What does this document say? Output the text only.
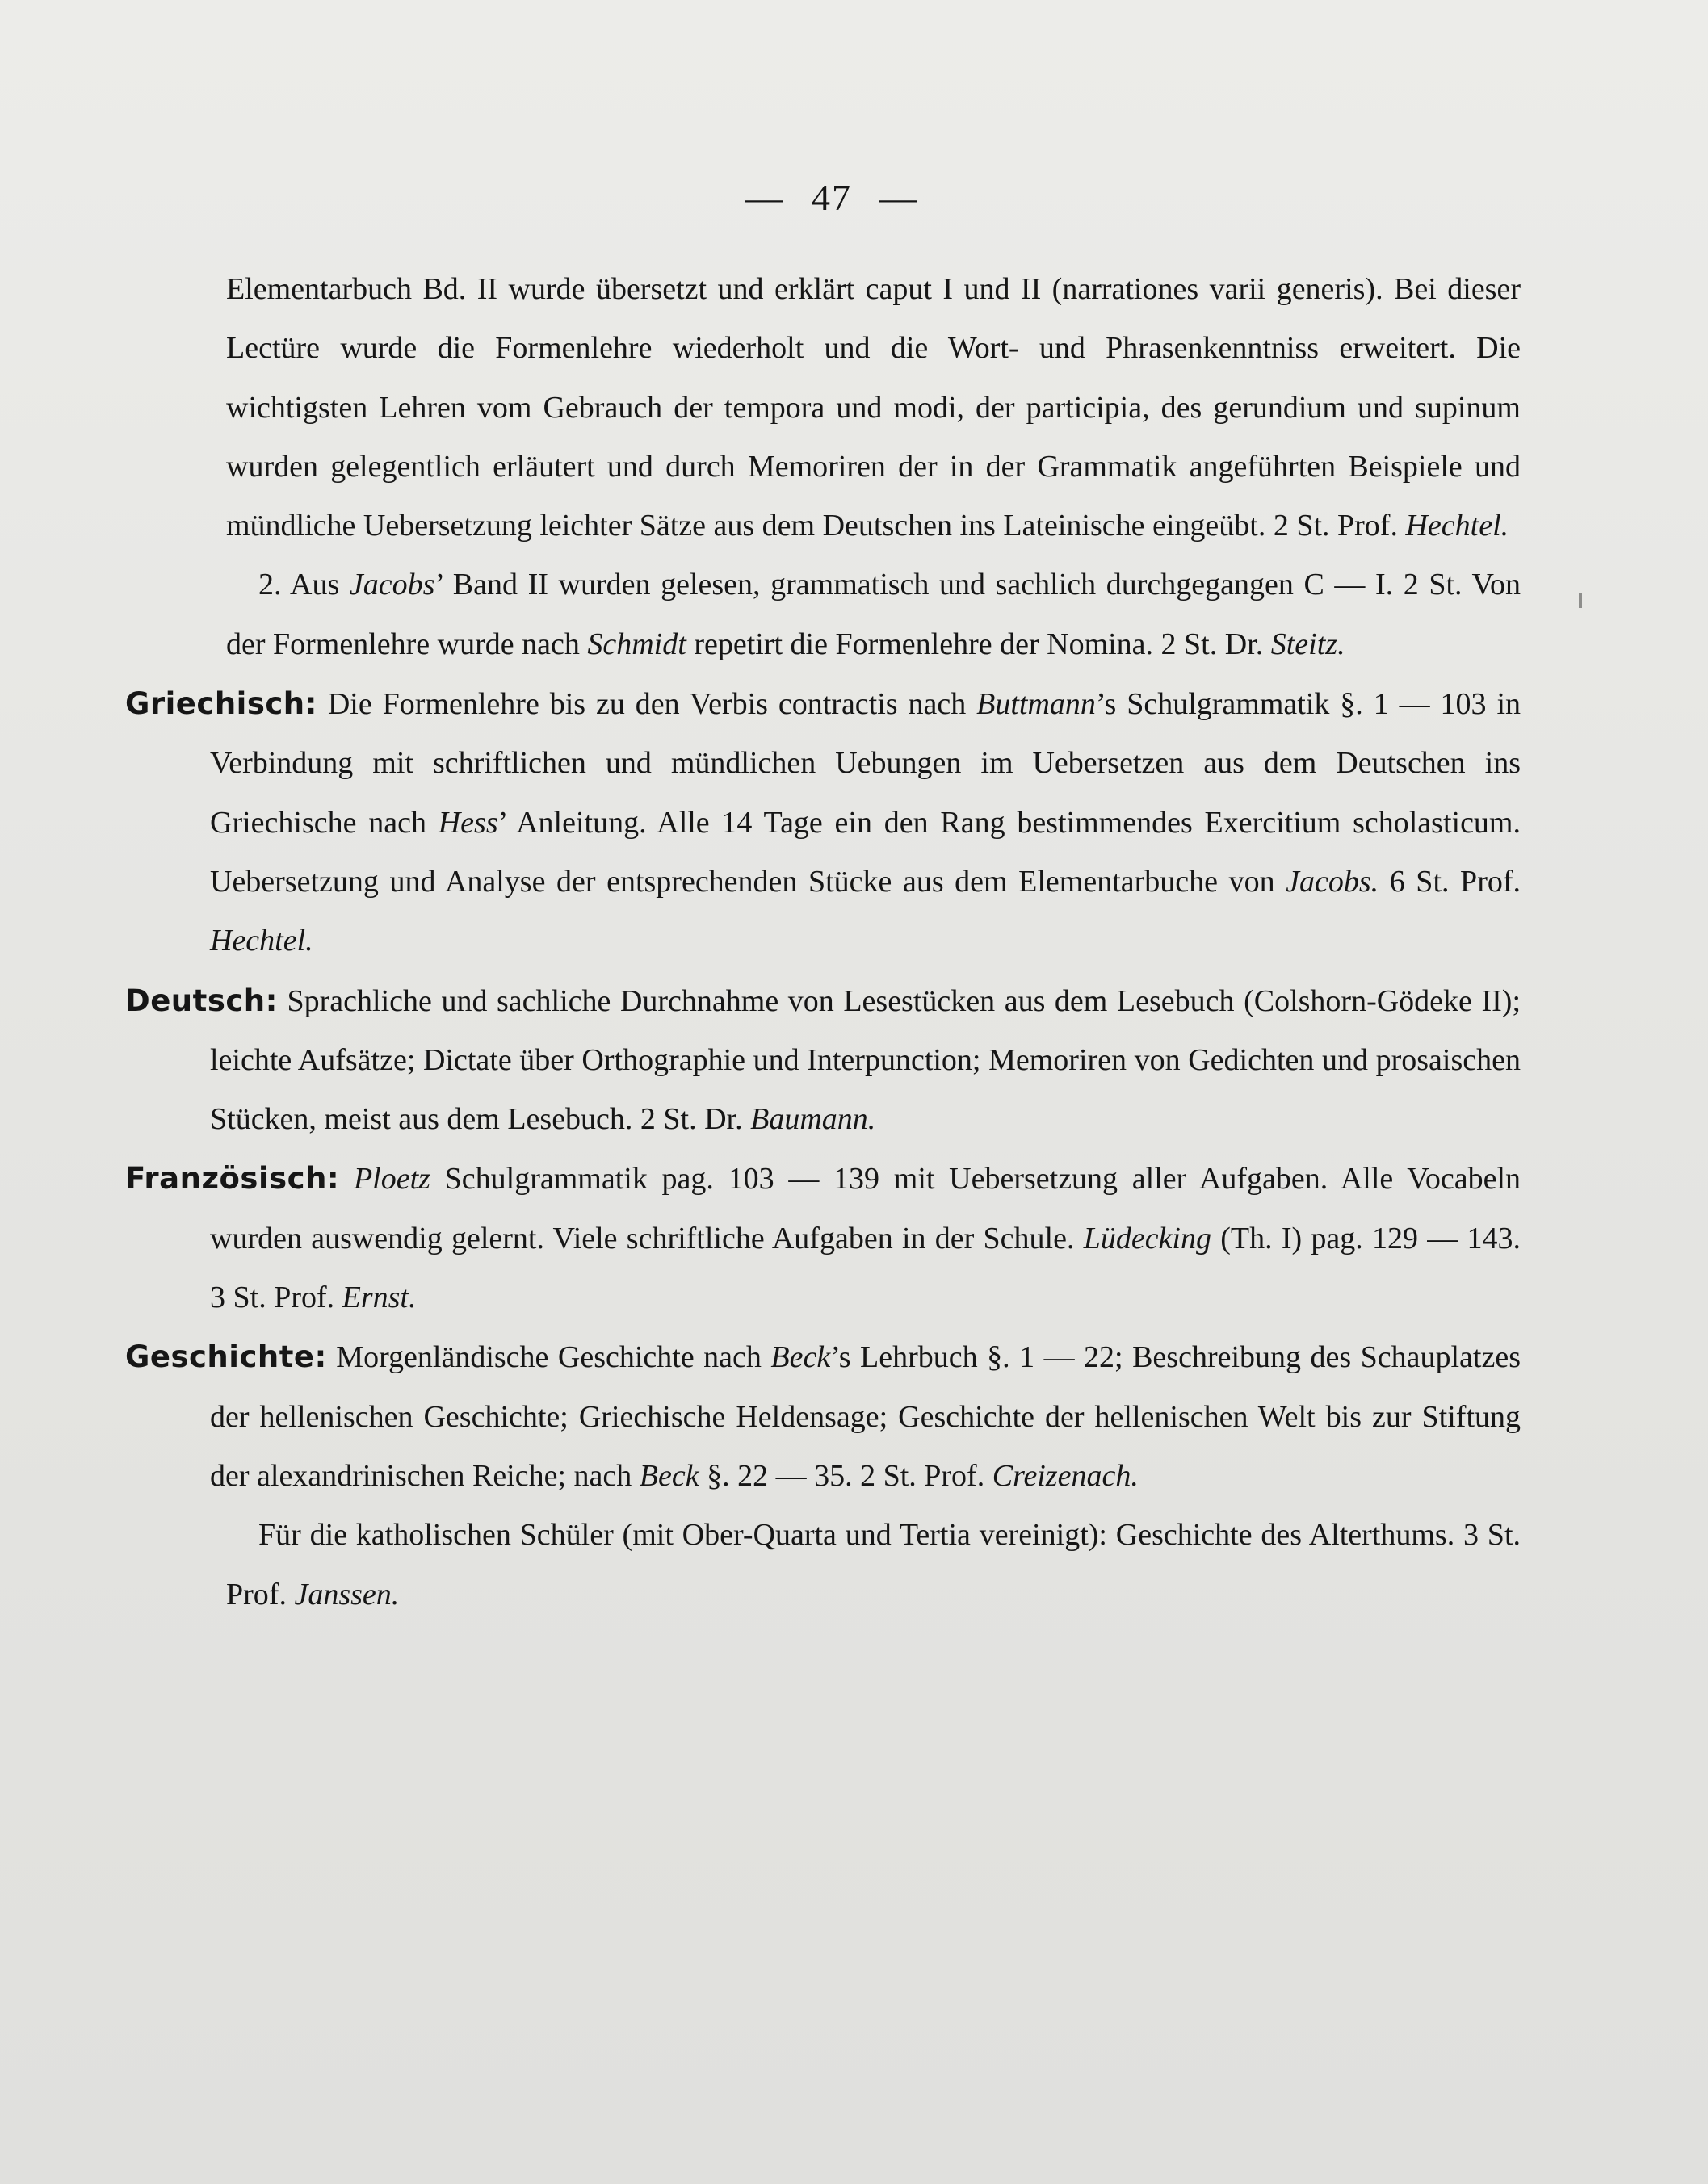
— 47 —

Elementarbuch Bd. II wurde übersetzt und erklärt caput I und II (narrationes varii generis). Bei dieser Lectüre wurde die Formenlehre wiederholt und die Wort- und Phrasenkenntniss erweitert. Die wichtigsten Lehren vom Gebrauch der tempora und modi, der participia, des gerundium und supinum wurden gelegentlich erläutert und durch Memoriren der in der Grammatik angeführten Beispiele und mündliche Uebersetzung leichter Sätze aus dem Deutschen ins Lateinische eingeübt. 2 St. Prof. Hechtel.

2. Aus Jacobs’ Band II wurden gelesen, grammatisch und sachlich durchgegangen C — I. 2 St. Von der Formenlehre wurde nach Schmidt repetirt die Formenlehre der Nomina. 2 St. Dr. Steitz.

Griechisch: Die Formenlehre bis zu den Verbis contractis nach Buttmann’s Schulgrammatik §. 1 — 103 in Verbindung mit schriftlichen und mündlichen Uebungen im Uebersetzen aus dem Deutschen ins Griechische nach Hess’ Anleitung. Alle 14 Tage ein den Rang bestimmendes Exercitium scholasticum. Uebersetzung und Analyse der entsprechenden Stücke aus dem Elementarbuche von Jacobs. 6 St. Prof. Hechtel.

Deutsch: Sprachliche und sachliche Durchnahme von Lesestücken aus dem Lesebuch (Colshorn-Gödeke II); leichte Aufsätze; Dictate über Orthographie und Interpunction; Memoriren von Gedichten und prosaischen Stücken, meist aus dem Lesebuch. 2 St. Dr. Baumann.

Französisch: Ploetz Schulgrammatik pag. 103 — 139 mit Uebersetzung aller Aufgaben. Alle Vocabeln wurden auswendig gelernt. Viele schriftliche Aufgaben in der Schule. Lüdecking (Th. I) pag. 129 — 143. 3 St. Prof. Ernst.

Geschichte: Morgenländische Geschichte nach Beck’s Lehrbuch §. 1 — 22; Beschreibung des Schauplatzes der hellenischen Geschichte; Griechische Heldensage; Geschichte der hellenischen Welt bis zur Stiftung der alexandrinischen Reiche; nach Beck §. 22 — 35. 2 St. Prof. Creizenach.

Für die katholischen Schüler (mit Ober-Quarta und Tertia vereinigt): Geschichte des Alterthums. 3 St. Prof. Janssen.
